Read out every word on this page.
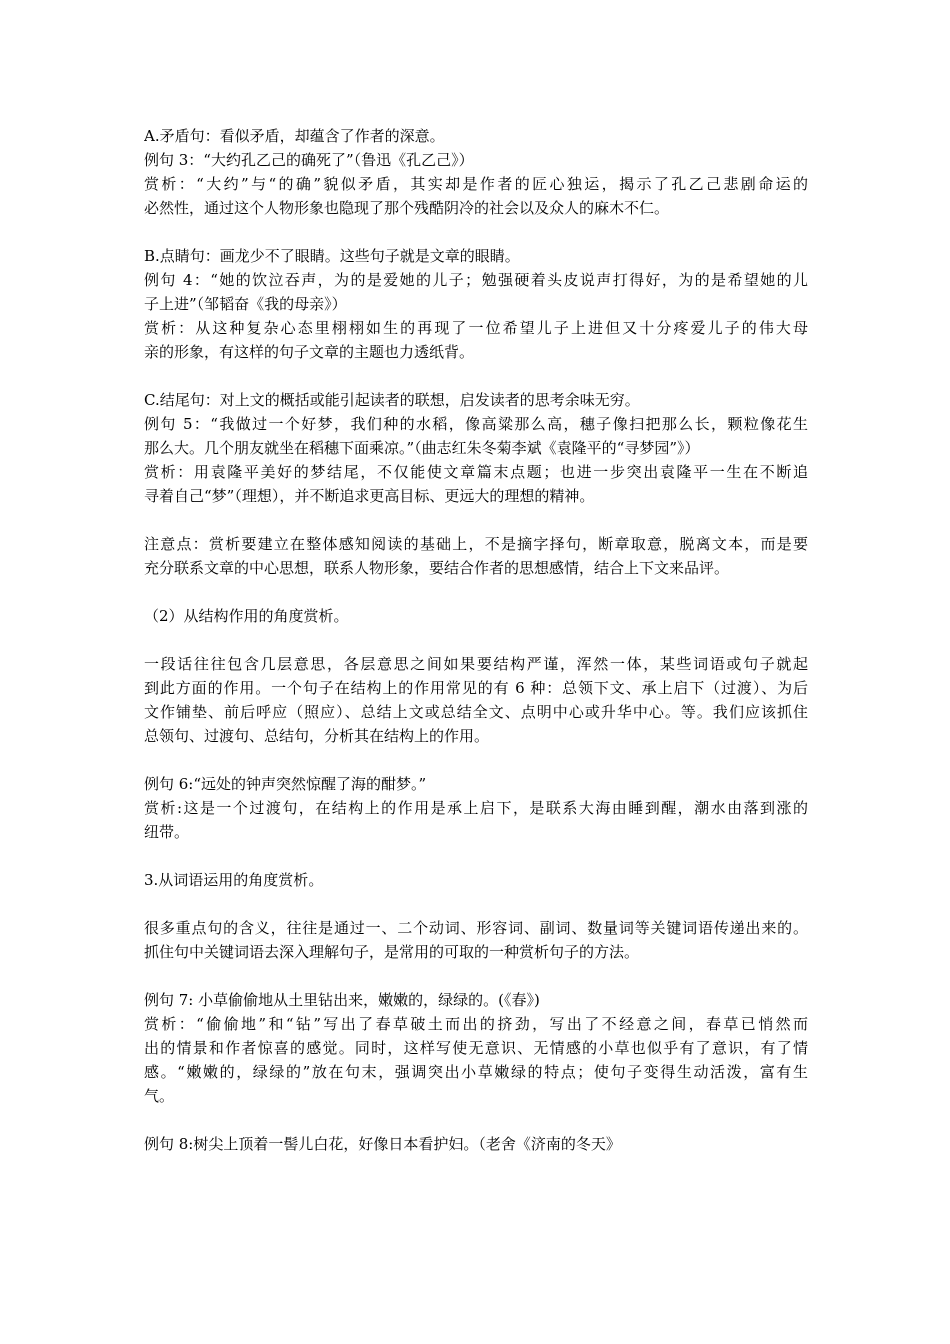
A.矛盾句：看似矛盾，却蕴含了作者的深意。
例句 3：“大约孔乙己的确死了”（鲁迅《孔乙己》）
赏析：“大约”与“的确”貌似矛盾，其实却是作者的匠心独运，揭示了孔乙己悲剧命运的
必然性，通过这个人物形象也隐现了那个残酷阴冷的社会以及众人的麻木不仁。
B.点睛句：画龙少不了眼睛。这些句子就是文章的眼睛。
例句 4：“她的饮泣吞声，为的是爱她的儿子；勉强硬着头皮说声打得好，为的是希望她的儿
子上进”（邹韬奋《我的母亲》）
赏析：从这种复杂心态里栩栩如生的再现了一位希望儿子上进但又十分疼爱儿子的伟大母
亲的形象，有这样的句子文章的主题也力透纸背。
C.结尾句：对上文的概括或能引起读者的联想，启发读者的思考余味无穷。
例句 5：“我做过一个好梦，我们种的水稻，像高粱那么高，穗子像扫把那么长，颗粒像花生
那么大。几个朋友就坐在稻穗下面乘凉。”（曲志红朱冬菊李斌《袁隆平的“寻梦园”》）
赏析：用袁隆平美好的梦结尾，不仅能使文章篇末点题；也进一步突出袁隆平一生在不断追
寻着自己“梦”（理想），并不断追求更高目标、更远大的理想的精神。
注意点：赏析要建立在整体感知阅读的基础上，不是摘字择句，断章取意，脱离文本，而是要
充分联系文章的中心思想，联系人物形象，要结合作者的思想感情，结合上下文来品评。
（2）从结构作用的角度赏析。
一段话往往包含几层意思，各层意思之间如果要结构严谨，浑然一体，某些词语或句子就起
到此方面的作用。一个句子在结构上的作用常见的有 6 种：总领下文、承上启下（过渡）、为后
文作铺垫、前后呼应（照应）、总结上文或总结全文、点明中心或升华中心。等。我们应该抓住
总领句、过渡句、总结句，分析其在结构上的作用。
例句 6:“远处的钟声突然惊醒了海的酣梦。”
赏析:这是一个过渡句，在结构上的作用是承上启下，是联系大海由睡到醒，潮水由落到涨的
纽带。
3.从词语运用的角度赏析。
很多重点句的含义，往往是通过一、二个动词、形容词、副词、数量词等关键词语传递出来的。
抓住句中关键词语去深入理解句子，是常用的可取的一种赏析句子的方法。
例句 7: 小草偷偷地从土里钻出来，嫩嫩的，绿绿的。(《春》)
赏析：“偷偷地”和“钻”写出了春草破土而出的挤劲，写出了不经意之间，春草已悄然而
出的情景和作者惊喜的感觉。同时，这样写使无意识、无情感的小草也似乎有了意识，有了情
感。“嫩嫩的，绿绿的”放在句末，强调突出小草嫩绿的特点；使句子变得生动活泼，富有生
气。
例句 8:树尖上顶着一髻儿白花，好像日本看护妇。（老舍《济南的冬天》
